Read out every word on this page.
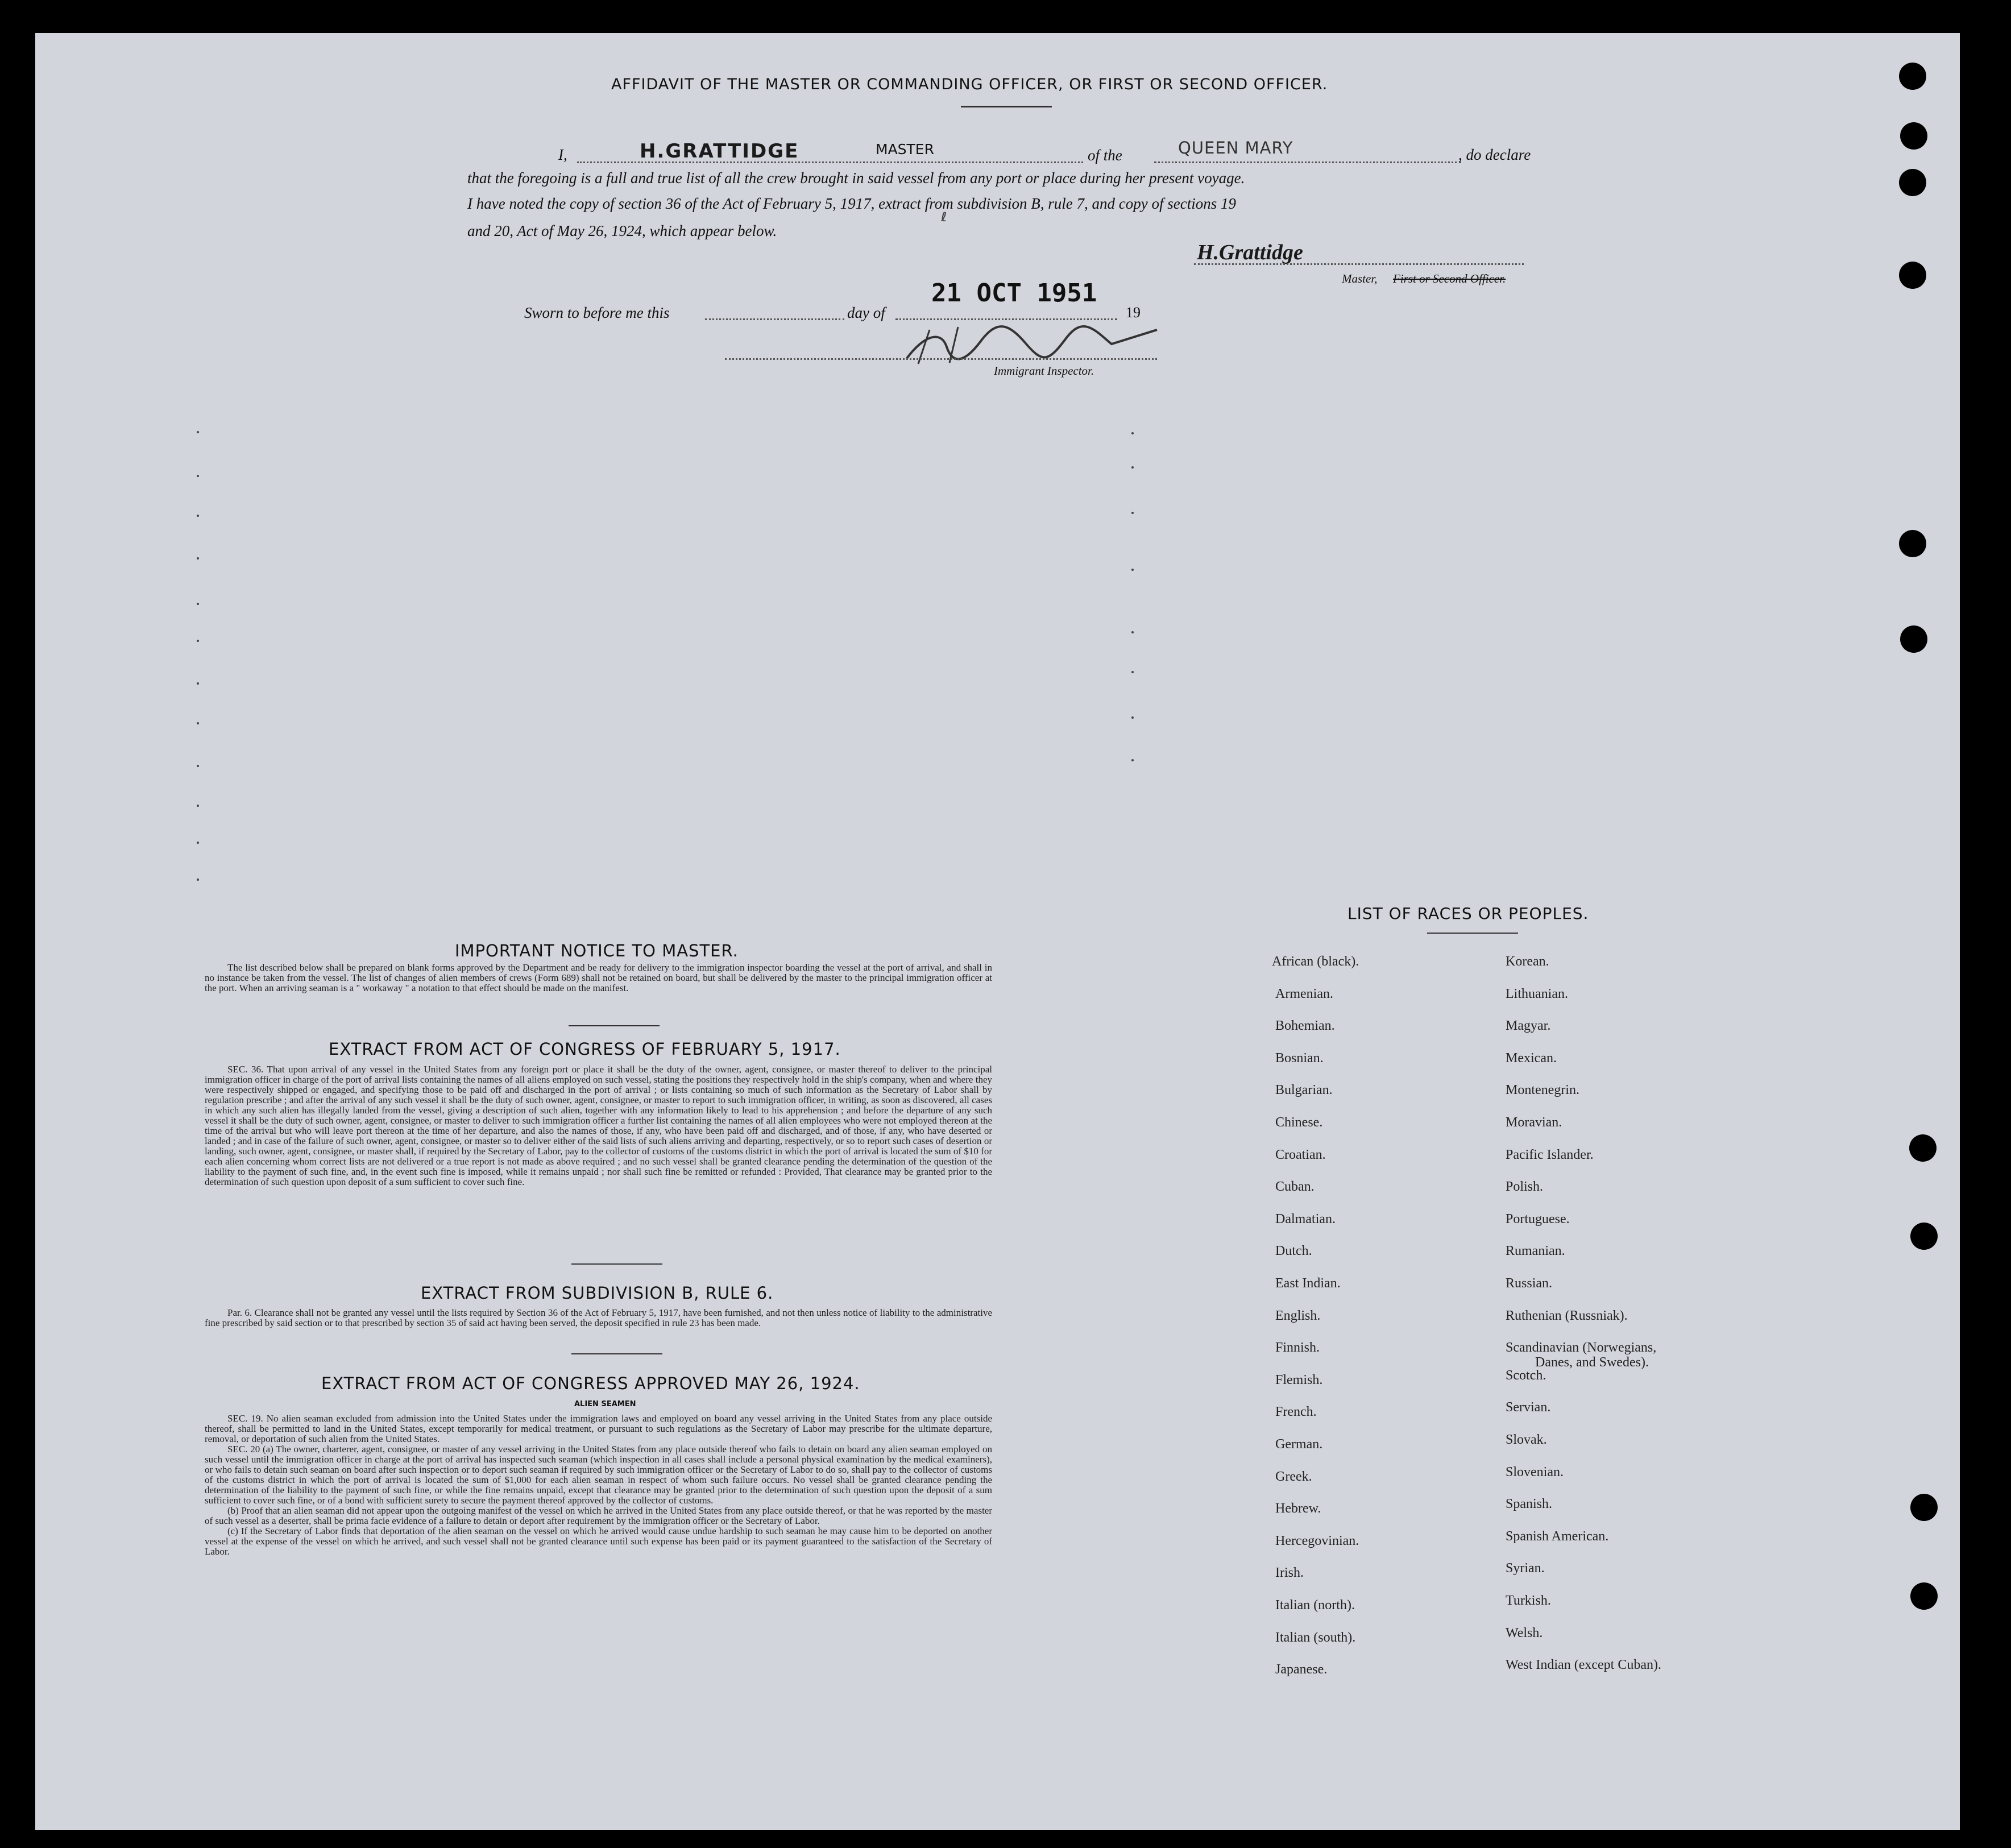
AFFIDAVIT OF THE MASTER OR COMMANDING OFFICER, OR FIRST OR SECOND OFFICER.
I,	H.GRATTIDGE	MASTER	of the	QUEEN MARY	, do declare
that the foregoing is a full and true list of all the crew brought in said vessel from any port or place during her present voyage.
I have noted the copy of section 36 of the Act of February 5, 1917, extract from subdivision B, rule 7, and copy of sections 19
and 20, Act of May 26, 1924, which appear below.
ℓ
H.Grattidge
Master, First or Second Officer.
Sworn to before me this	day of
21 OCT 1951
19
Immigrant Inspector.
IMPORTANT NOTICE TO MASTER.

The list described below shall be prepared on blank forms approved by the Department and be ready for delivery to the immigration inspector boarding the vessel at the port of arrival, and shall in no instance be taken from the vessel. The list of changes of alien members of crews (Form 689) shall not be retained on board, but shall be delivered by the master to the principal immigration officer at the port. When an arriving seaman is a " workaway " a notation to that effect should be made on the manifest.

EXTRACT FROM ACT OF CONGRESS OF FEBRUARY 5, 1917.

SEC. 36. That upon arrival of any vessel in the United States from any foreign port or place it shall be the duty of the owner, agent, consignee, or master thereof to deliver to the principal immigration officer in charge of the port of arrival lists containing the names of all aliens employed on such vessel, stating the positions they respectively hold in the ship's company, when and where they were respectively shipped or engaged, and specifying those to be paid off and discharged in the port of arrival ; or lists containing so much of such information as the Secretary of Labor shall by regulation prescribe ; and after the arrival of any such vessel it shall be the duty of such owner, agent, consignee, or master to report to such immigration officer, in writing, as soon as discovered, all cases in which any such alien has illegally landed from the vessel, giving a description of such alien, together with any information likely to lead to his apprehension ; and before the departure of any such vessel it shall be the duty of such owner, agent, consignee, or master to deliver to such immigration officer a further list containing the names of all alien employees who were not employed thereon at the time of the arrival but who will leave port thereon at the time of her departure, and also the names of those, if any, who have been paid off and discharged, and of those, if any, who have deserted or landed ; and in case of the failure of such owner, agent, consignee, or master so to deliver either of the said lists of such aliens arriving and departing, respectively, or so to report such cases of desertion or landing, such owner, agent, consignee, or master shall, if required by the Secretary of Labor, pay to the collector of customs of the customs district in which the port of arrival is located the sum of $10 for each alien concerning whom correct lists are not delivered or a true report is not made as above required ; and no such vessel shall be granted clearance pending the determination of the question of the liability to the payment of such fine, and, in the event such fine is imposed, while it remains unpaid ; nor shall such fine be remitted or refunded : Provided, That clearance may be granted prior to the determination of such question upon deposit of a sum sufficient to cover such fine.

EXTRACT FROM SUBDIVISION B, RULE 6.

Par. 6. Clearance shall not be granted any vessel until the lists required by Section 36 of the Act of February 5, 1917, have been furnished, and not then unless notice of liability to the administrative fine prescribed by said section or to that prescribed by section 35 of said act having been served, the deposit specified in rule 23 has been made.

EXTRACT FROM ACT OF CONGRESS APPROVED MAY 26, 1924.
ALIEN SEAMEN

SEC. 19. No alien seaman excluded from admission into the United States under the immigration laws and employed on board any vessel arriving in the United States from any place outside thereof, shall be permitted to land in the United States, except temporarily for medical treatment, or pursuant to such regulations as the Secretary of Labor may prescribe for the ultimate departure, removal, or deportation of such alien from the United States.

SEC. 20 (a) The owner, charterer, agent, consignee, or master of any vessel arriving in the United States from any place outside thereof who fails to detain on board any alien seaman employed on such vessel until the immigration officer in charge at the port of arrival has inspected such seaman (which inspection in all cases shall include a personal physical examination by the medical examiners), or who fails to detain such seaman on board after such inspection or to deport such seaman if required by such immigration officer or the Secretary of Labor to do so, shall pay to the collector of customs of the customs district in which the port of arrival is located the sum of $1,000 for each alien seaman in respect of whom such failure occurs. No vessel shall be granted clearance pending the determination of the liability to the payment of such fine, or while the fine remains unpaid, except that clearance may be granted prior to the determination of such question upon the deposit of a sum sufficient to cover such fine, or of a bond with sufficient surety to secure the payment thereof approved by the collector of customs.

(b) Proof that an alien seaman did not appear upon the outgoing manifest of the vessel on which he arrived in the United States from any place outside thereof, or that he was reported by the master of such vessel as a deserter, shall be prima facie evidence of a failure to detain or deport after requirement by the immigration officer or the Secretary of Labor.

(c) If the Secretary of Labor finds that deportation of the alien seaman on the vessel on which he arrived would cause undue hardship to such seaman he may cause him to be deported on another vessel at the expense of the vessel on which he arrived, and such vessel shall not be granted clearance until such expense has been paid or its payment guaranteed to the satisfaction of the Secretary of Labor.

LIST OF RACES OR PEOPLES.
African (black).
Armenian.
Bohemian.
Bosnian.
Bulgarian.
Chinese.
Croatian.
Cuban.
Dalmatian.
Dutch.
East Indian.
English.
Finnish.
Flemish.
French.
German.
Greek.
Hebrew.
Hercegovinian.
Irish.
Italian (north).
Italian (south).
Japanese.
Korean.
Lithuanian.
Magyar.
Mexican.
Montenegrin.
Moravian.
Pacific Islander.
Polish.
Portuguese.
Rumanian.
Russian.
Ruthenian (Russniak).
Scandinavian (Norwegians,
Scotch.
Servian.
Slovak.
Slovenian.
Spanish.
Spanish American.
Syrian.
Turkish.
Welsh.
West Indian (except Cuban).
Danes, and Swedes).
